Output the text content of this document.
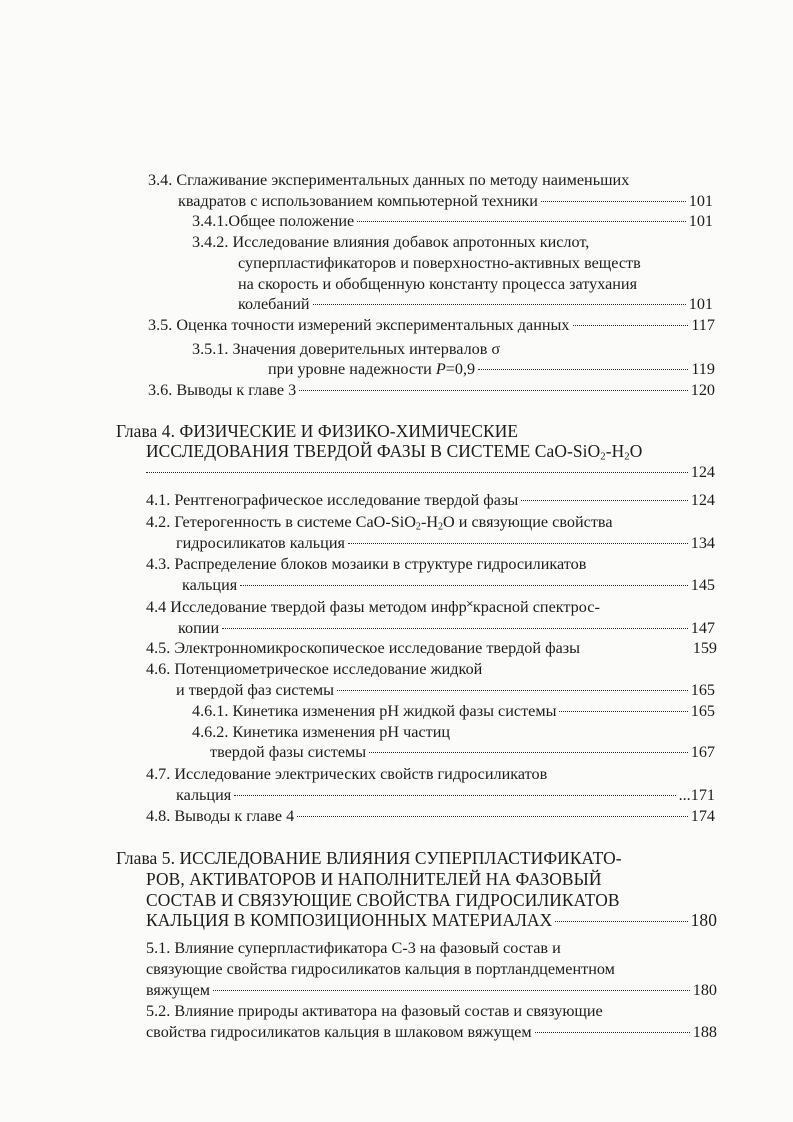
3.4. Сглаживание экспериментальных данных по методу наименьших
квадратов с использованием компьютерной техники	101
3.4.1.Общее положение	101
3.4.2. Исследование влияния добавок апротонных кислот,
суперпластификаторов и поверхностно-активных веществ
на скорость и обобщенную константу процесса затухания
колебаний	101
3.5. Оценка точности измерений экспериментальных данных	117
3.5.1. Значения доверительных интервалов σ
при уровне надежности P=0,9	119
3.6. Выводы к главе 3	120
Глава 4. ФИЗИЧЕСКИЕ И ФИЗИКО-ХИМИЧЕСКИЕ
ИССЛЕДОВАНИЯ ТВЕРДОЙ ФАЗЫ В СИСТЕМЕ CaO-$SiO_2-H_2O$
124
4.1. Рентгенографическое исследование твердой фазы	124
4.2. Гетерогенность в системе CaO-$SiO_2-H_2O$ и связующие свойства
гидросиликатов кальция	134
4.3. Распределение блоков мозаики в структуре гидросиликатов
кальция	145
4.4 Исследование твердой фазы методом инфр˟красной спектрос-
копии	147
4.5. Электронномикроскопическое исследование твердой фазы	159
4.6. Потенциометрическое исследование жидкой
и твердой фаз системы	165
4.6.1. Кинетика изменения pH жидкой фазы системы	165
4.6.2. Кинетика изменения pH частиц
твердой фазы системы	167
4.7. Исследование электрических свойств гидросиликатов
кальция	...171
4.8. Выводы к главе 4	174
Глава 5. ИССЛЕДОВАНИЕ ВЛИЯНИЯ СУПЕРПЛАСТИФИКАТО-
РОВ, АКТИВАТОРОВ И НАПОЛНИТЕЛЕЙ НА ФАЗОВЫЙ
СОСТАВ И СВЯЗУЮЩИЕ СВОЙСТВА ГИДРОСИЛИКАТОВ
КАЛЬЦИЯ В КОМПОЗИЦИОННЫХ МАТЕРИАЛАХ	180
5.1. Влияние суперпластификатора С-3 на фазовый состав и
связующие свойства гидросиликатов кальция в портландцементном
вяжущем	180
5.2. Влияние природы активатора на фазовый состав и связующие
свойства гидросиликатов кальция в шлаковом вяжущем	188
